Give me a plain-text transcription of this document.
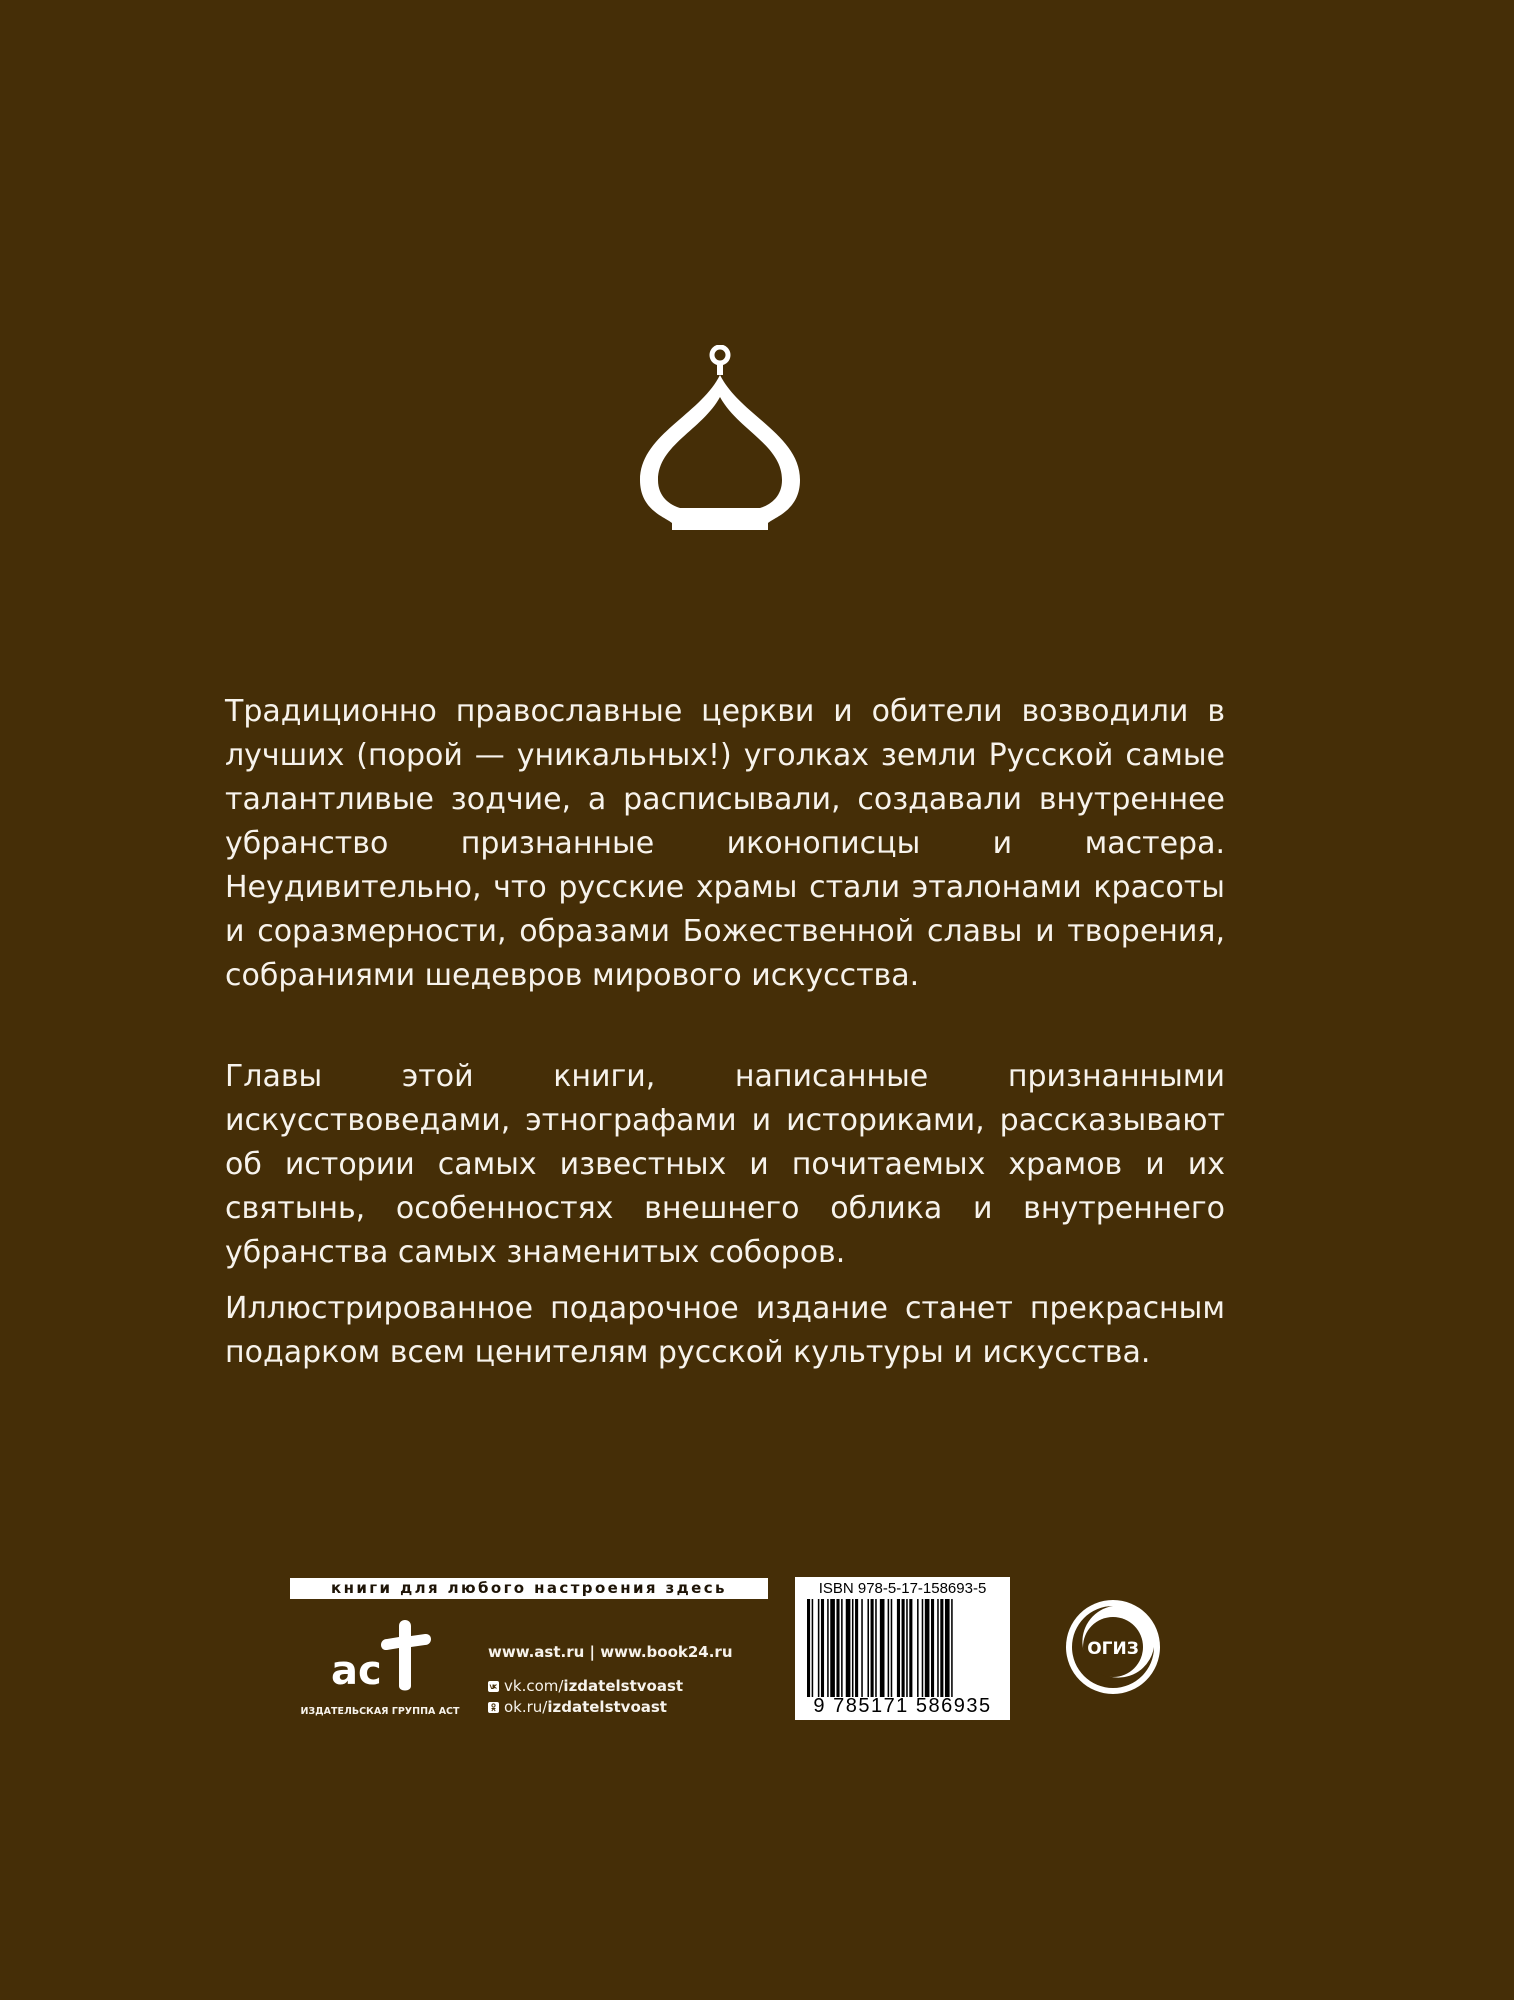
Традиционно православные церкви и обители возводили в лучших (порой — уникальных!) уголках земли Русской самые талантливые зодчие, а расписывали, создавали внутреннее убранство признанные иконописцы и мастера. Неудивительно, что русские храмы стали эталонами красоты и соразмерности, образами Божественной славы и творения, собраниями шедевров мирового искусства.
Главы этой книги, написанные признанными искусствоведами, этнографами и историками, рассказывают об истории самых известных и почитаемых храмов и их святынь, особенностях внешнего облика и внутреннего убранства самых знаменитых соборов.
Иллюстрированное подарочное издание станет прекрасным подарком всем ценителям русской культуры и искусства.
книги для любого настроения здесь
ас
ИЗДАТЕЛЬСКАЯ ГРУППА АСТ
www.ast.ru | www.book24.ru
vk.com/ izdatelstvoast
ok.ru/ izdatelstvoast
ISBN 978-5-17-158693-5
9 785171 586935
ОГИЗ
